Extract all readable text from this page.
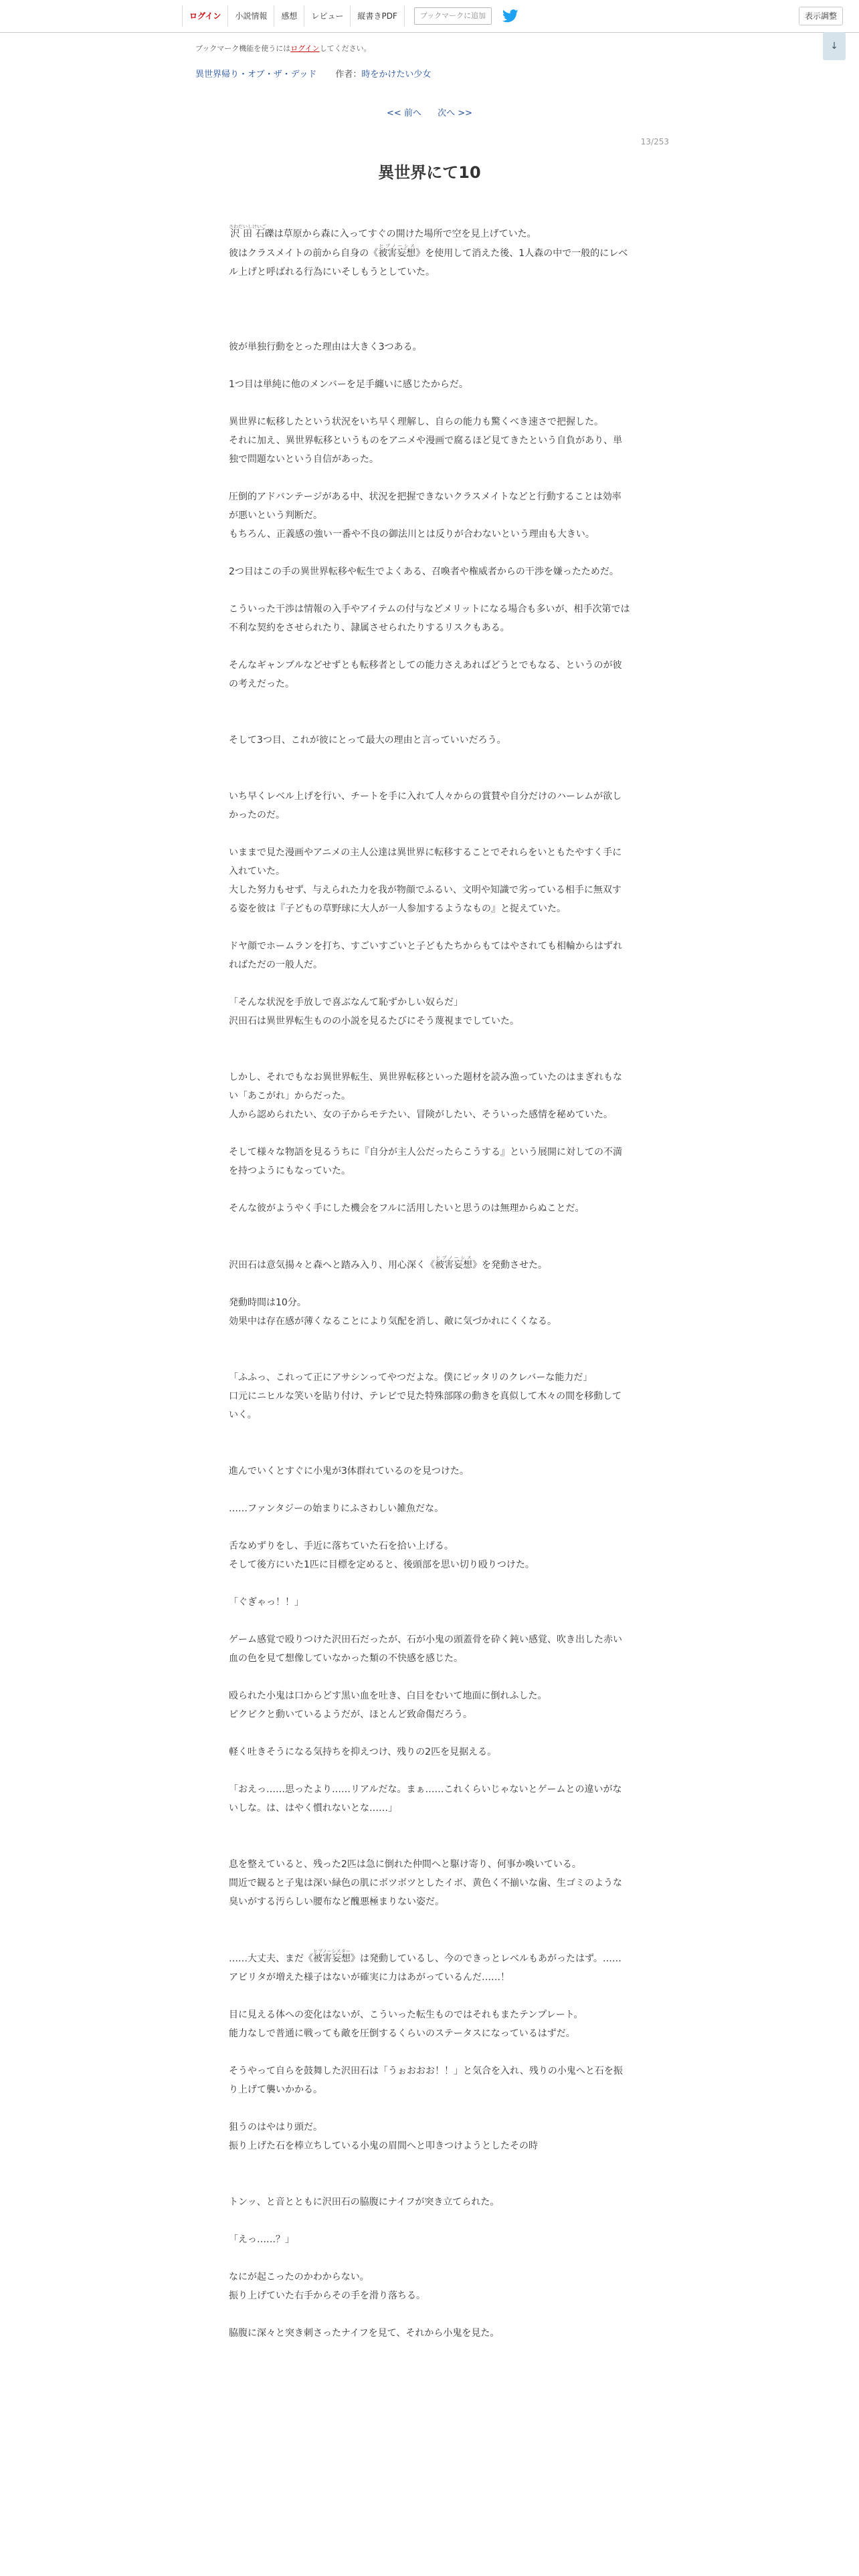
ログイン	小説情報	感想	レビュー	縦書きPDF	ブックマークに追加	表示調整
ブックマーク機能を使うにはログインしてください。	↓
異世界帰り・オブ・ザ・デッド 作者：時をかけたい少女
<< 前へ 次へ >>
13/253
異世界にて10

沢田石さわだいしけいご礫は草原から森に入ってすぐの開けた場所で空を見上げていた。

彼はクラスメイトの前から自身の《被害妄想ヒプノーシス》を使用して消えた後、1人森の中で一般的にレベル上げと呼ばれる行為にいそしもうとしていた。

彼が単独行動をとった理由は大きく3つある。

1つ目は単純に他のメンバーを足手纏いに感じたからだ。

異世界に転移したという状況をいち早く理解し、自らの能力も驚くべき速さで把握した。
それに加え、異世界転移というものをアニメや漫画で腐るほど見てきたという自負があり、単独で問題ないという自信があった。

圧倒的アドバンテージがある中、状況を把握できないクラスメイトなどと行動することは効率が悪いという判断だ。
もちろん、正義感の強い一番や不良の御法川とは反りが合わないという理由も大きい。

2つ目はこの手の異世界転移や転生でよくある、召喚者や権威者からの干渉を嫌ったためだ。

こういった干渉は情報の入手やアイテムの付与などメリットになる場合も多いが、相手次第では不利な契約をさせられたり、隷属させられたりするリスクもある。

そんなギャンブルなどせずとも転移者としての能力さえあればどうとでもなる、というのが彼の考えだった。

そして3つ目、これが彼にとって最大の理由と言っていいだろう。

いち早くレベル上げを行い、チートを手に入れて人々からの賞賛や自分だけのハーレムが欲しかったのだ。

いままで見た漫画やアニメの主人公達は異世界に転移することでそれらをいともたやすく手に入れていた。
大した努力もせず、与えられた力を我が物顔でふるい、文明や知識で劣っている相手に無双する姿を彼は『子どもの草野球に大人が一人参加するようなもの』と捉えていた。

ドヤ顔でホームランを打ち、すごいすごいと子どもたちからもてはやされても相輪からはずれればただの一般人だ。

「そんな状況を手放しで喜ぶなんて恥ずかしい奴らだ」
沢田石は異世界転生ものの小説を見るたびにそう蔑視までしていた。

しかし、それでもなお異世界転生、異世界転移といった題材を読み漁っていたのはまぎれもない「あこがれ」からだった。
人から認められたい、女の子からモテたい、冒険がしたい、そういった感情を秘めていた。

そして様々な物語を見るうちに『自分が主人公だったらこうする』という展開に対しての不満を持つようにもなっていた。

そんな彼がようやく手にした機会をフルに活用したいと思うのは無理からぬことだ。

沢田石は意気揚々と森へと踏み入り、用心深く《被害妄想ヒプノーシス》を発動させた。

発動時間は10分。
効果中は存在感が薄くなることにより気配を消し、敵に気づかれにくくなる。

「ふふっ、これって正にアサシンってやつだよな。僕にピッタリのクレバーな能力だ」
口元にニヒルな笑いを貼り付け、テレビで見た特殊部隊の動きを真似して木々の間を移動していく。

進んでいくとすぐに小鬼が3体群れているのを見つけた。

……ファンタジーの始まりにふさわしい雑魚だな。

舌なめずりをし、手近に落ちていた石を拾い上げる。
そして後方にいた1匹に目標を定めると、後頭部を思い切り殴りつけた。

「ぐぎゃっ！！」

ゲーム感覚で殴りつけた沢田石だったが、石が小鬼の頭蓋骨を砕く鈍い感覚、吹き出した赤い血の色を見て想像していなかった類の不快感を感じた。

殴られた小鬼は口からどす黒い血を吐き、白目をむいて地面に倒れふした。
ピクピクと動いているようだが、ほとんど致命傷だろう。

軽く吐きそうになる気持ちを抑えつけ、残りの2匹を見据える。

「おえっ……思ったより……リアルだな。まぁ……これくらいじゃないとゲームとの違いがないしな。は、はやく慣れないとな……」

息を整えていると、残った2匹は急に倒れた仲間へと駆け寄り、何事か喚いている。
間近で観ると子鬼は深い緑色の肌にボツボツとしたイボ、黄色く不揃いな歯、生ゴミのような臭いがする汚らしい腰布など醜悪極まりない姿だ。

……大丈夫、まだ《被害妄想ヒプノーシスター》は発動しているし、今のできっとレベルもあがったはず。……アビリタが増えた様子はないが確実に力はあがっているんだ……！

目に見える体への変化はないが、こういった転生ものではそれもまたテンプレート。
能力なしで普通に戦っても敵を圧倒するくらいのステータスになっているはずだ。

そうやって自らを鼓舞した沢田石は「うぉおおお！！」と気合を入れ、残りの小鬼へと石を振り上げて襲いかかる。

狙うのはやはり頭だ。
振り上げた石を棒立ちしている小鬼の眉間へと叩きつけようとしたその時

トンッ、と音とともに沢田石の脇腹にナイフが突き立てられた。

「えっ……？」

なにが起こったのかわからない。
振り上げていた右手からその手を滑り落ちる。

脇腹に深々と突き刺さったナイフを見て、それから小鬼を見た。
